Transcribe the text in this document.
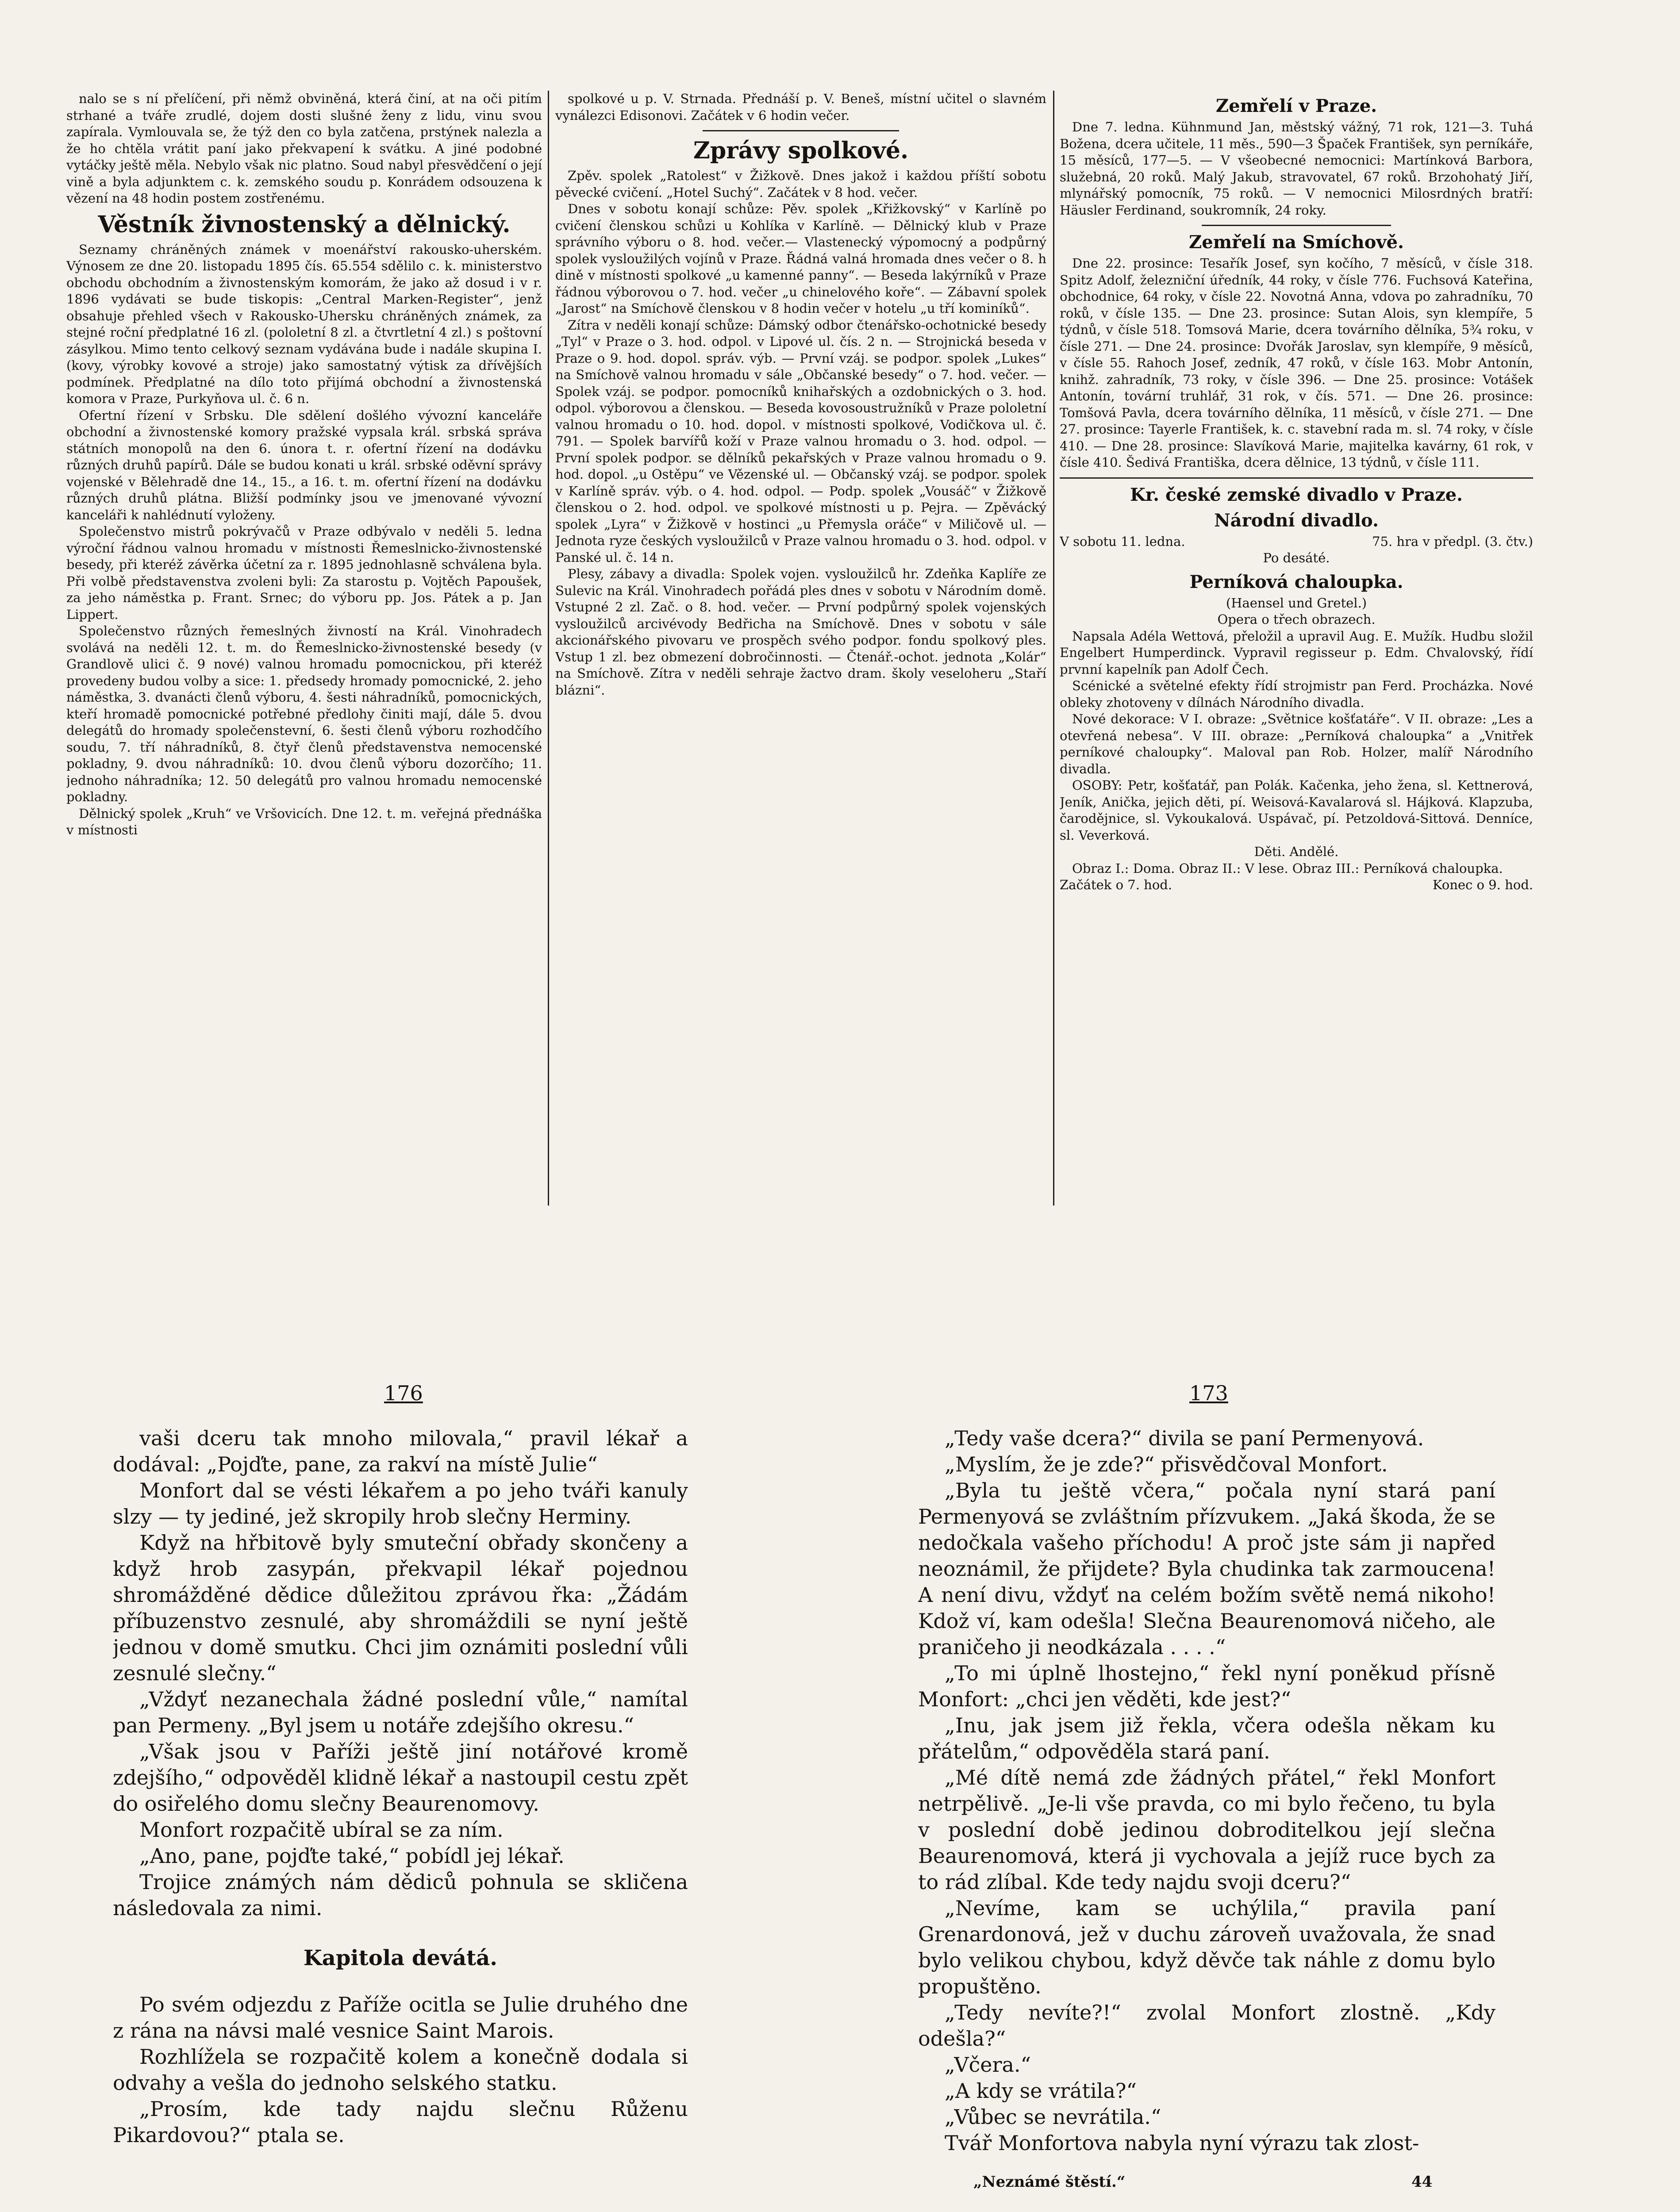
nalo se s ní přelíčení, při němž obviněná, která činí, at na oči pitím strhané a tváře zrudlé, dojem dosti slušné ženy z lidu, vinu svou zapírala. Vymlouvala se, že týž den co byla zatčena, prstýnek nalezla a že ho chtěla vrátit paní jako překvapení k svátku. A jiné podobné vytáčky ještě měla. Nebylo však nic platno. Soud nabyl přesvědčení o její vině a byla adjunktem c. k. zemského soudu p. Konrádem odsouzena k vězení na 48 hodin postem zostřenému.

Věstník živnostenský a dělnický.

Seznamy chráněných známek v moenářství rakousko-uherském. Výnosem ze dne 20. listopadu 1895 čís. 65.554 sdělilo c. k. ministerstvo obchodu obchodním a živnostenským komorám, že jako až dosud i v r. 1896 vydávati se bude tiskopis: „Central Marken-Register“, jenž obsahuje přehled všech v Rakousko-Uhersku chráněných známek, za stejné roční předplatné 16 zl. (pololetní 8 zl. a čtvrtletní 4 zl.) s poštovní zásylkou. Mimo tento celkový seznam vydávána bude i nadále skupina I. (kovy, výrobky kovové a stroje) jako samostatný výtisk za dřívějších podmínek. Předplatné na dílo toto přijímá obchodní a živnostenská komora v Praze, Purkyňova ul. č. 6 n.

Ofertní řízení v Srbsku. Dle sdělení došlého vývozní kanceláře obchodní a živnostenské komory pražské vypsala král. srbská správa státních monopolů na den 6. února t. r. ofertní řízení na dodávku různých druhů papírů. Dále se budou konati u král. srbské oděvní správy vojenské v Bělehradě dne 14., 15., a 16. t. m. ofertní řízení na dodávku různých druhů plátna. Bližší podmínky jsou ve jmenované vývozní kanceláři k nahlédnutí vyloženy.

Společenstvo mistrů pokrývačů v Praze odbývalo v neděli 5. ledna výroční řádnou valnou hromadu v místnosti Řemeslnicko-živnostenské besedy, při kteréž závěrka účetní za r. 1895 jednohlasně schválena byla. Při volbě představenstva zvoleni byli: Za starostu p. Vojtěch Papoušek, za jeho náměstka p. Frant. Srnec; do výboru pp. Jos. Pátek a p. Jan Lippert.

Společenstvo různých řemeslných živností na Král. Vinohradech svolává na neděli 12. t. m. do Řemeslnicko-živnostenské besedy (v Grandlově ulici č. 9 nové) valnou hromadu pomocnickou, při kteréž provedeny budou volby a sice: 1. předsedy hromady pomocnické, 2. jeho náměstka, 3. dvanácti členů výboru, 4. šesti náhradníků, pomocnických, kteří hromadě pomocnické potřebné předlohy činiti mají, dále 5. dvou delegátů do hromady společenstevní, 6. šesti členů výboru rozhodčího soudu, 7. tří náhradníků, 8. čtyř členů představenstva nemocenské pokladny, 9. dvou náhradníků: 10. dvou členů výboru dozorčího; 11. jednoho náhradníka; 12. 50 delegátů pro valnou hromadu nemocenské pokladny.

Dělnický spolek „Kruh“ ve Vršovicích. Dne 12. t. m. veřejná přednáška v místnosti

spolkové u p. V. Strnada. Přednáší p. V. Beneš, místní učitel o slavném vynálezci Edisonovi. Začátek v 6 hodin večer.

Zprávy spolkové.

Zpěv. spolek „Ratolest“ v Žižkově. Dnes jakož i každou příští sobotu pěvecké cvičení. „Hotel Suchý“. Začátek v 8 hod. večer.

Dnes v sobotu konají schůze: Pěv. spolek „Křižkovský“ v Karlíně po cvičení členskou schůzi u Kohlíka v Karlíně. — Dělnický klub v Praze správního výboru o 8. hod. večer.— Vlastenecký výpomocný a podpůrný spolek vysloužilých vojínů v Praze. Řádná valná hromada dnes večer o 8. h dině v místnosti spolkové „u kamenné panny“. — Beseda lakýrníků v Praze řádnou výborovou o 7. hod. večer „u chinelového koře“. — Zábavní spolek „Jarost“ na Smíchově členskou v 8 hodin večer v hotelu „u tří kominíků“.

Zítra v neděli konají schůze: Dámský odbor čtenářsko-ochotnické besedy „Tyl“ v Praze o 3. hod. odpol. v Lipové ul. čís. 2 n. — Strojnická beseda v Praze o 9. hod. dopol. správ. výb. — První vzáj. se podpor. spolek „Lukes“ na Smíchově valnou hromadu v sále „Občanské besedy“ o 7. hod. večer. — Spolek vzáj. se podpor. pomocníků knihařských a ozdobnických o 3. hod. odpol. výborovou a členskou. — Beseda kovosoustružníků v Praze pololetní valnou hromadu o 10. hod. dopol. v místnosti spolkové, Vodičkova ul. č. 791. — Spolek barvířů koží v Praze valnou hromadu o 3. hod. odpol. — První spolek podpor. se dělníků pekařských v Praze valnou hromadu o 9. hod. dopol. „u Ostěpu“ ve Vězenské ul. — Občanský vzáj. se podpor. spolek v Karlíně správ. výb. o 4. hod. odpol. — Podp. spolek „Vousáč“ v Žižkově členskou o 2. hod. odpol. ve spolkové místnosti u p. Pejra. — Zpěvácký spolek „Lyra“ v Žižkově v hostinci „u Přemysla oráče“ v Miličově ul. — Jednota ryze českých vysloužilců v Praze valnou hromadu o 3. hod. odpol. v Panské ul. č. 14 n.

Plesy, zábavy a divadla: Spolek vojen. vysloužilců hr. Zdeňka Kaplíře ze Sulevic na Král. Vinohradech pořádá ples dnes v sobotu v Národním domě. Vstupné 2 zl. Zač. o 8. hod. večer. — První podpůrný spolek vojenských vysloužilců arcivévody Bedřicha na Smíchově. Dnes v sobotu v sále akcionářského pivovaru ve prospěch svého podpor. fondu spolkový ples. Vstup 1 zl. bez obmezení dobročinnosti. — Čtenář.-ochot. jednota „Kolár“ na Smíchově. Zítra v neděli sehraje žactvo dram. školy veseloheru „Staří blázni“.

Zemřelí v Praze.

Dne 7. ledna. Kühnmund Jan, městský vážný, 71 rok, 121—3. Tuhá Božena, dcera učitele, 11 měs., 590—3 Špaček František, syn perníkáře, 15 měsíců, 177—5. — V všeobecné nemocnici: Martínková Barbora, služebná, 20 roků. Malý Jakub, stravovatel, 67 roků. Brzohohatý Jiří, mlynářský pomocník, 75 roků. — V nemocnici Milosrdných bratří: Häusler Ferdinand, soukromník, 24 roky.

Zemřelí na Smíchově.

Dne 22. prosince: Tesařík Josef, syn kočího, 7 měsíců, v čísle 318. Spitz Adolf, železniční úředník, 44 roky, v čísle 776. Fuchsová Kateřina, obchodnice, 64 roky, v čísle 22. Novotná Anna, vdova po zahradníku, 70 roků, v čísle 135. — Dne 23. prosince: Sutan Alois, syn klempíře, 5 týdnů, v čísle 518. Tomsová Marie, dcera továrního dělníka, 5¾ roku, v čísle 271. — Dne 24. prosince: Dvořák Jaroslav, syn klempíře, 9 měsíců, v čísle 55. Rahoch Josef, zedník, 47 roků, v čísle 163. Mobr Antonín, knihž. zahradník, 73 roky, v čísle 396. — Dne 25. prosince: Votášek Antonín, tovární truhlář, 31 rok, v čís. 571. — Dne 26. prosince: Tomšová Pavla, dcera továrního dělníka, 11 měsíců, v čísle 271. — Dne 27. prosince: Tayerle František, k. c. stavební rada m. sl. 74 roky, v čísle 410. — Dne 28. prosince: Slavíková Marie, majitelka kavárny, 61 rok, v čísle 410. Šedivá Františka, dcera dělnice, 13 týdnů, v čísle 111.

Kr. české zemské divadlo v Praze.
Národní divadlo.
V sobotu 11. ledna.	75. hra v předpl. (3. čtv.)

Po desáté.

Perníková chaloupka.

(Haensel und Gretel.)

Opera o třech obrazech.

Napsala Adéla Wettová, přeložil a upravil Aug. E. Mužík. Hudbu složil Engelbert Humperdinck. Vypravil regisseur p. Edm. Chvalovský, řídí prvnní kapelník pan Adolf Čech.

Scénické a světelné efekty řídí strojmistr pan Ferd. Procházka. Nové obleky zhotoveny v dílnách Národního divadla.

Nové dekorace: V I. obraze: „Světnice košťatáře“. V II. obraze: „Les a otevřená nebesa“. V III. obraze: „Perníková chaloupka“ a „Vnitřek perníkové chaloupky“. Maloval pan Rob. Holzer, malíř Národního divadla.

OSOBY: Petr, košťatář, pan Polák. Kačenka, jeho žena, sl. Kettnerová, Jeník, Anička, jejich děti, pí. Weisová-Kavalarová sl. Hájková. Klapzuba, čarodějnice, sl. Vykoukalová. Uspávač, pí. Petzoldová-Sittová. Denníce, sl. Veverková.

Děti. Andělé.

Obraz I.: Doma. Obraz II.: V lese. Obraz III.: Perníková chaloupka.

Začátek o 7. hod.	Konec o 9. hod.
176	173

vaši dceru tak mnoho milovala,“ pravil lékař a dodával: „Pojďte, pane, za rakví na místě Julie“

Monfort dal se vésti lékařem a po jeho tváři kanuly slzy — ty jediné, jež skropily hrob slečny Herminy.

Když na hřbitově byly smuteční obřady skončeny a když hrob zasypán, překvapil lékař pojednou shromážděné dědice důležitou zprávou řka: „Žádám příbuzenstvo zesnulé, aby shromáždili se nyní ještě jednou v domě smutku. Chci jim oznámiti poslední vůli zesnulé slečny.“

„Vždyť nezanechala žádné poslední vůle,“ namítal pan Permeny. „Byl jsem u notáře zdejšího okresu.“

„Však jsou v Paříži ještě jiní notářové kromě zdejšího,“ odpověděl klidně lékař a nastoupil cestu zpět do osiřelého domu slečny Beaurenomovy.

Monfort rozpačitě ubíral se za ním.

„Ano, pane, pojďte také,“ pobídl jej lékař.

Trojice známých nám dědiců pohnula se skličena následovala za nimi.

Kapitola devátá.

Po svém odjezdu z Paříže ocitla se Julie druhého dne z rána na návsi malé vesnice Saint Marois.

Rozhlížela se rozpačitě kolem a konečně dodala si odvahy a vešla do jednoho selského statku.

„Prosím, kde tady najdu slečnu Růženu Pikardovou?“ ptala se.

„Tedy vaše dcera?“ divila se paní Permenyová.

„Myslím, že je zde?“ přisvědčoval Monfort.

„Byla tu ještě včera,“ počala nyní stará paní Permenyová se zvláštním přízvukem. „Jaká škoda, že se nedočkala vašeho příchodu! A proč jste sám ji napřed neoznámil, že přijdete? Byla chudinka tak zarmoucena! A není divu, vždyť na celém božím světě nemá nikoho! Kdož ví, kam odešla! Slečna Beaurenomová ničeho, ale praničeho ji neodkázala . . . .“

„To mi úplně lhostejno,“ řekl nyní poněkud přísně Monfort: „chci jen věděti, kde jest?“

„Inu, jak jsem již řekla, včera odešla někam ku přátelům,“ odpověděla stará paní.

„Mé dítě nemá zde žádných přátel,“ řekl Monfort netrpělivě. „Je-li vše pravda, co mi bylo řečeno, tu byla v poslední době jedinou dobroditelkou její slečna Beaurenomová, která ji vychovala a jejíž ruce bych za to rád zlíbal. Kde tedy najdu svoji dceru?“

„Nevíme, kam se uchýlila,“ pravila paní Grenardonová, jež v duchu zároveň uvažovala, že snad bylo velikou chybou, když děvče tak náhle z domu bylo propuštěno.

„Tedy nevíte?!“ zvolal Monfort zlostně. „Kdy odešla?“

„Včera.“

„A kdy se vrátila?“

„Vůbec se nevrátila.“

Tvář Monfortova nabyla nyní výrazu tak zlost-

„Neznámé štěstí.“	44
